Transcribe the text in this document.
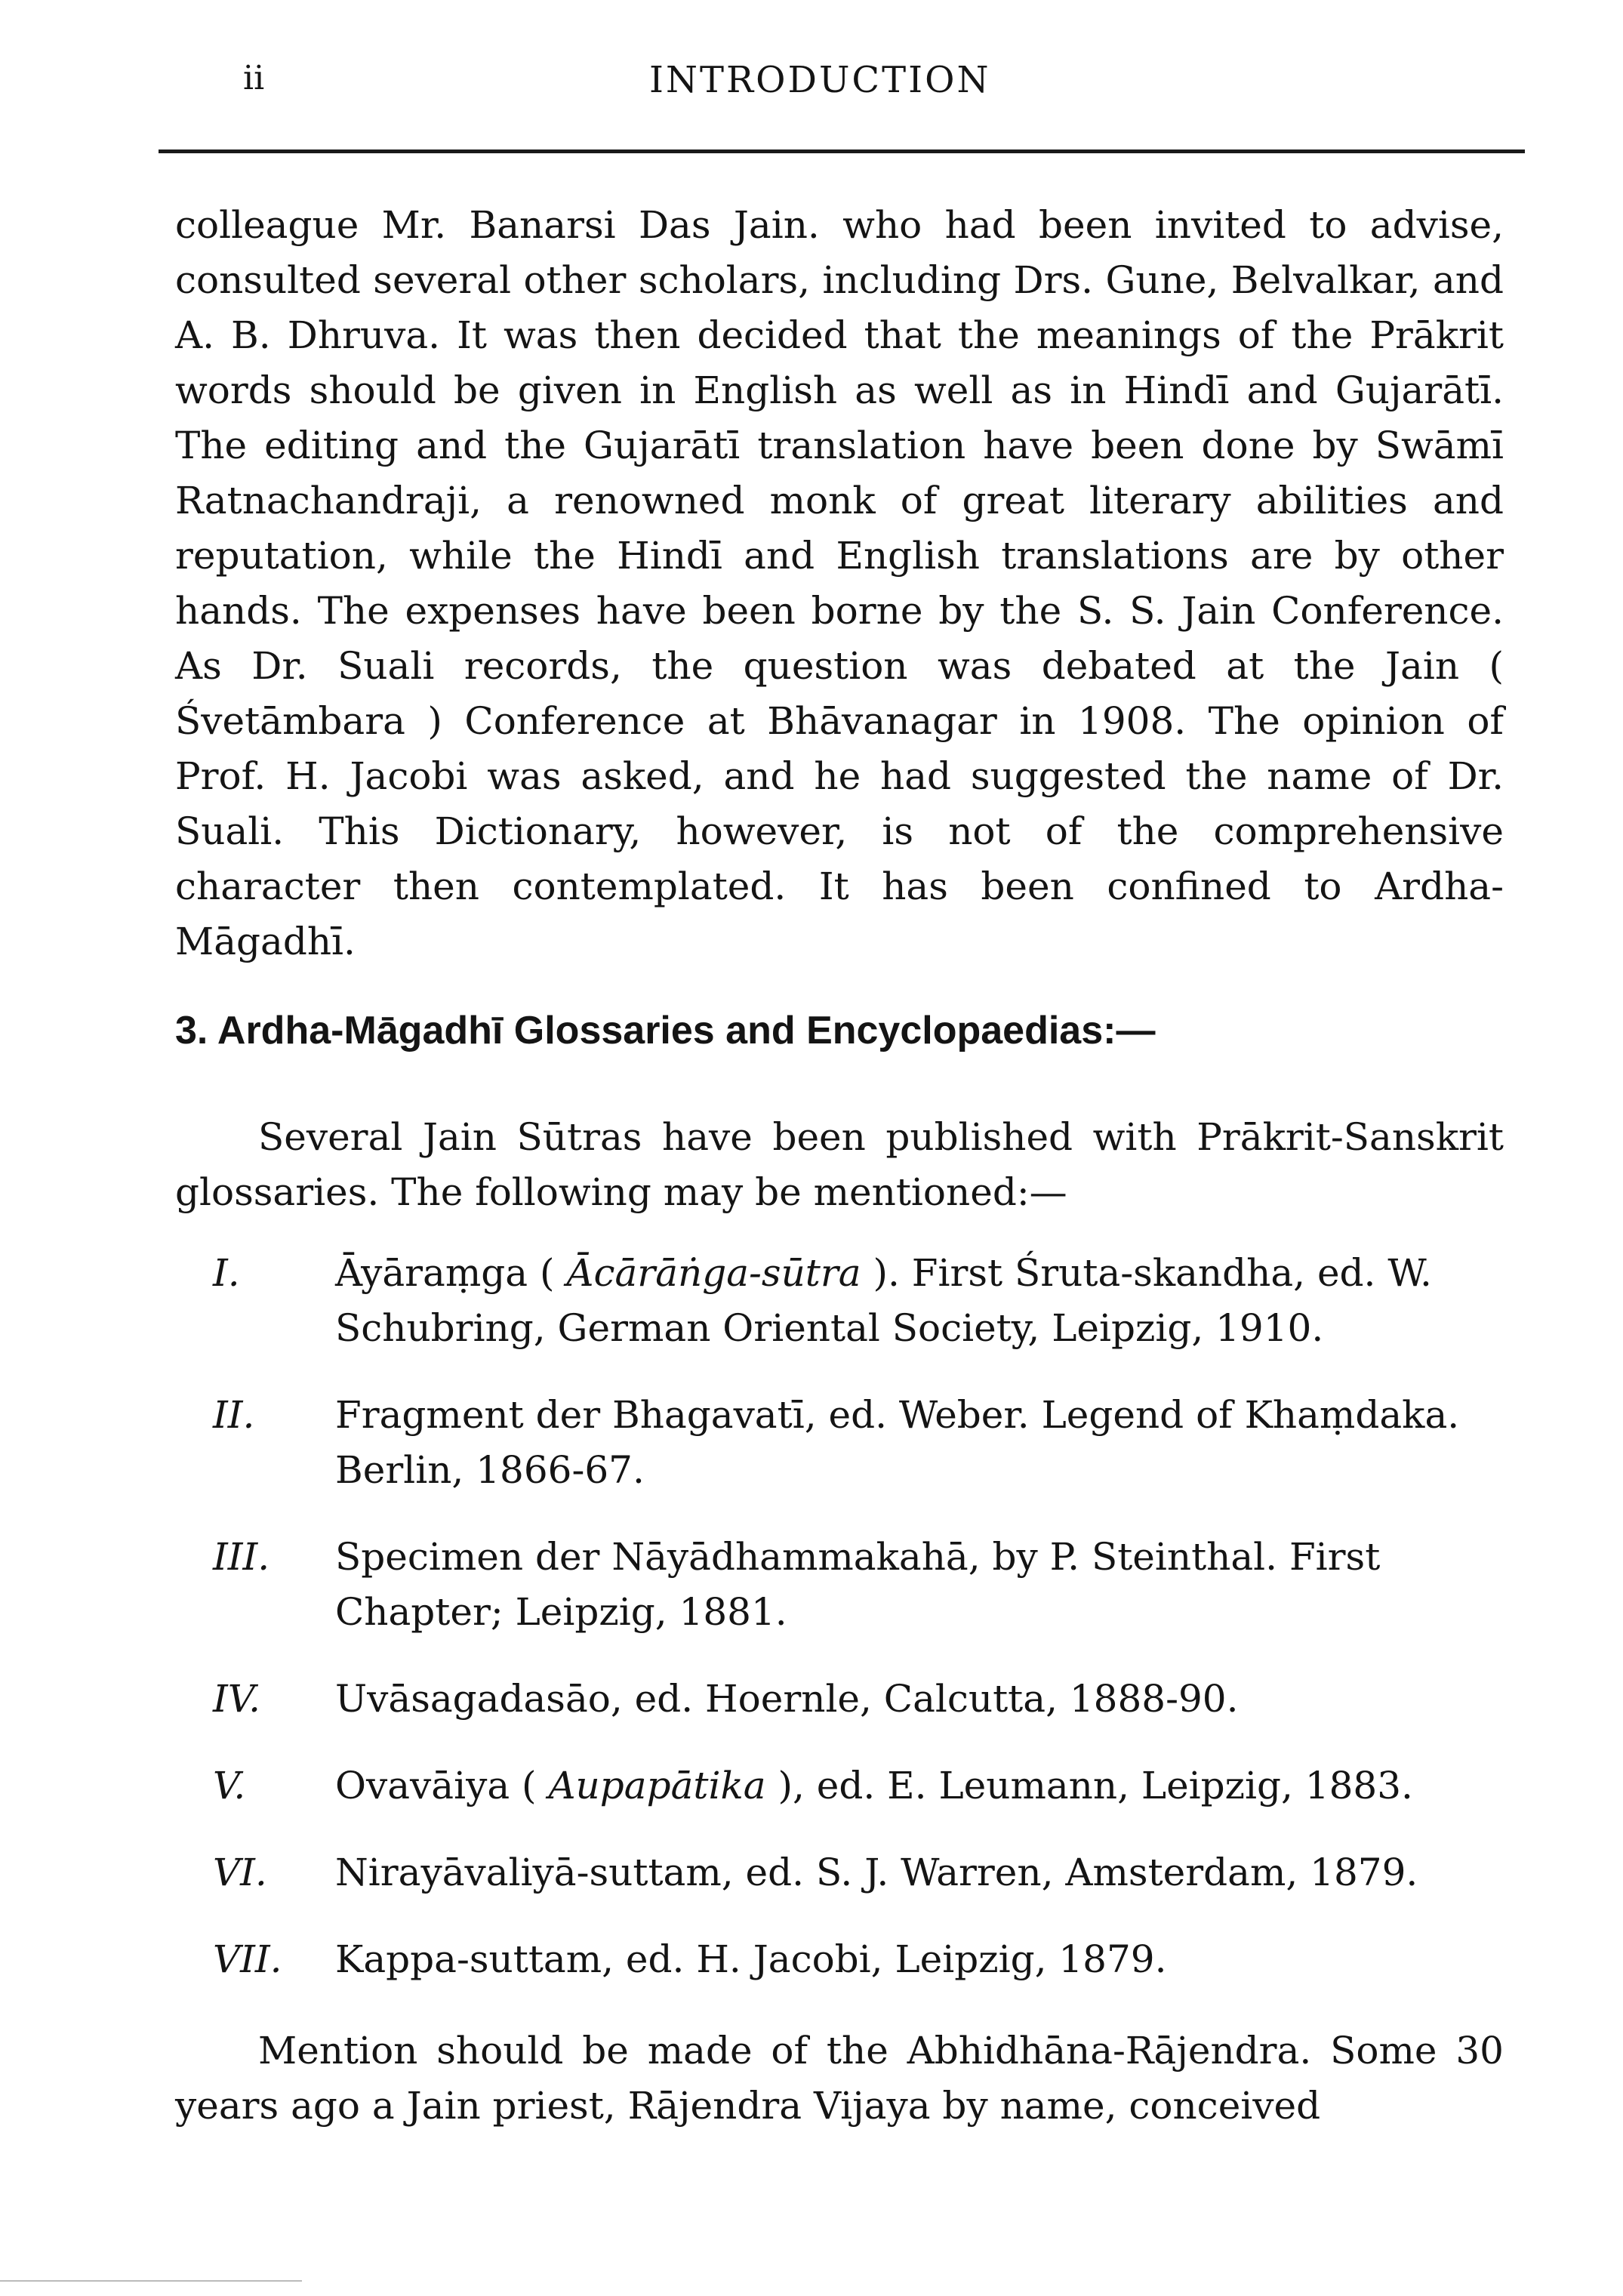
ii	INTRODUCTION

colleague Mr. Banarsi Das Jain. who had been invited to advise, consulted several other scholars, including Drs. Gune, Belvalkar, and A. B. Dhruva. It was then decided that the meanings of the Prākrit words should be given in English as well as in Hindī and Gujarātī. The editing and the Gujarātī translation have been done by Swāmī Ratnachandraji, a renowned monk of great literary abilities and reputation, while the Hindī and English translations are by other hands. The expenses have been borne by the S. S. Jain Conference. As Dr. Suali records, the question was debated at the Jain ( Śvetāmbara ) Conference at Bhāvanagar in 1908. The opinion of Prof. H. Jacobi was asked, and he had suggested the name of Dr. Suali. This Dictionary, however, is not of the comprehensive character then contemplated. It has been confined to Ardha-Māgadhī.

3. Ardha-Māgadhī Glossaries and Encyclopaedias:—

Several Jain Sūtras have been published with Prākrit-Sanskrit glossaries. The following may be mentioned:—

I.	Āyāraṃga ( Ācārāṅga-sūtra ). First Śruta-skandha, ed. W. Schubring, German Oriental Society, Leipzig, 1910.
II.	Fragment der Bhagavatī, ed. Weber. Legend of Khaṃdaka. Berlin, 1866-67.
III.	Specimen der Nāyādhammakahā, by P. Steinthal. First Chapter; Leipzig, 1881.
IV.	Uvāsagadasāo, ed. Hoernle, Calcutta, 1888-90.
V.	Ovavāiya ( Aupapātika ), ed. E. Leumann, Leipzig, 1883.
VI.	Nirayāvaliyā-suttam, ed. S. J. Warren, Amsterdam, 1879.
VII.	Kappa-suttam, ed. H. Jacobi, Leipzig, 1879.

Mention should be made of the Abhidhāna-Rājendra. Some 30 years ago a Jain priest, Rājendra Vijaya by name, conceived
